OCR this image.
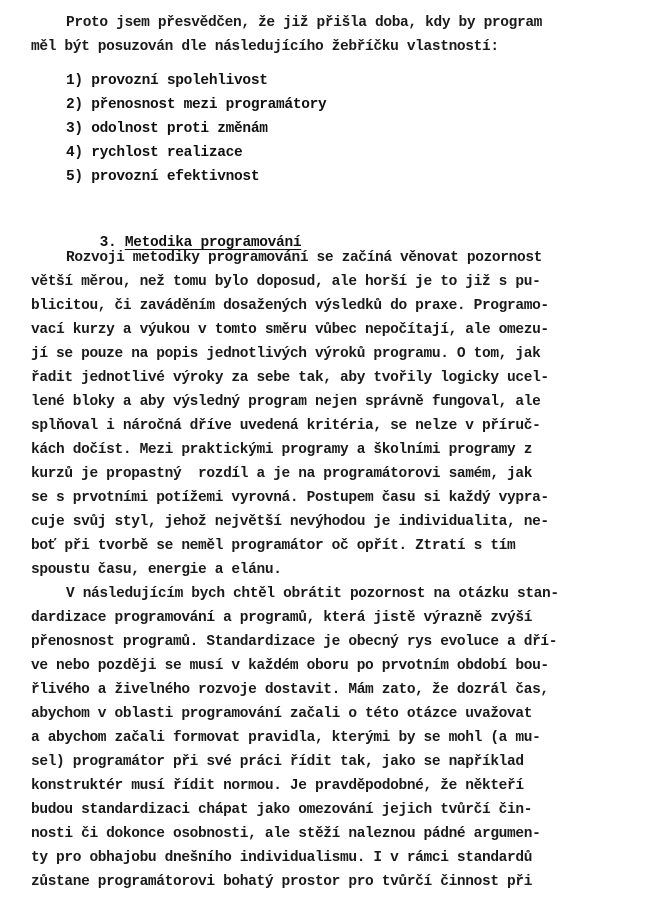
Proto jsem přesvědčen, že již přišla doba, kdy by program
měl být posuzován dle následujícího žebříčku vlastností:
1) provozní spolehlivost
2) přenosnost mezi programátory
3) odolnost proti změnám
4) rychlost realizace
5) provozní efektivnost

3. Metodika programování

Rozvoji metodiky programování se začíná věnovat pozornost
větší měrou, než tomu bylo doposud, ale horší je to již s pu-
blicitou, či zaváděním dosažených výsledků do praxe. Programo-
vací kurzy a výukou v tomto směru vůbec nepočítají, ale omezu-
jí se pouze na popis jednotlivých výroků programu. O tom, jak
řadit jednotlivé výroky za sebe tak, aby tvořily logicky ucel-
lené bloky a aby výsledný program nejen správně fungoval, ale
splňoval i náročná dříve uvedená kritéria, se nelze v příruč-
kách dočíst. Mezi praktickými programy a školními programy z
kurzů je propastný  rozdíl a je na programátorovi samém, jak
se s prvotními potížemi vyrovná. Postupem času si každý vypra-
cuje svůj styl, jehož největší nevýhodou je individualita, ne-
boť při tvorbě se neměl programátor oč opřít. Ztratí s tím
spoustu času, energie a elánu.
V následujícím bych chtěl obrátit pozornost na otázku stan-
dardizace programování a programů, která jistě výrazně zvýší
přenosnost programů. Standardizace je obecný rys evoluce a dří-
ve nebo později se musí v každém oboru po prvotním období bou-
řlivého a živelného rozvoje dostavit. Mám zato, že dozrál čas,
abychom v oblasti programování začali o této otázce uvažovat
a abychom začali formovat pravidla, kterými by se mohl (a mu-
sel) programátor při své práci řídit tak, jako se například
konstruktér musí řídit normou. Je pravděpodobné, že někteří
budou standardizaci chápat jako omezování jejich tvůrčí čin-
nosti či dokonce osobnosti, ale stěží naleznou pádné argumen-
ty pro obhajobu dnešního individualismu. I v rámci standardů
zůstane programátorovi bohatý prostor pro tvůrčí činnost při
